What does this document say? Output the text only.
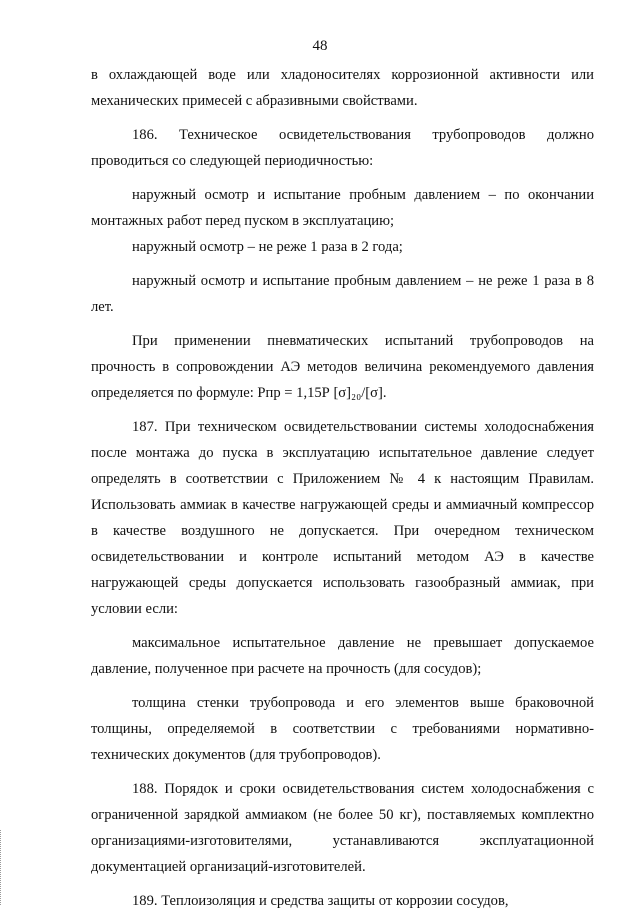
48

в охлаждающей воде или хладоносителях коррозионной активности или механических примесей с абразивными свойствами.

186. Техническое освидетельствования трубопроводов должно проводиться со следующей периодичностью:

наружный осмотр и испытание пробным давлением – по окончании монтажных работ перед пуском в эксплуатацию;

наружный осмотр – не реже 1 раза в 2 года;

наружный осмотр и испытание пробным давлением – не реже 1 раза в 8 лет.

При применении пневматических испытаний трубопроводов на прочность в сопровождении АЭ методов величина рекомендуемого давления определяется по формуле: Рпр = 1,15Р [σ]₂₀/[σ].

187. При техническом освидетельствовании системы холодоснабжения после монтажа до пуска в эксплуатацию испытательное давление следует определять в соответствии с Приложением № 4 к настоящим Правилам. Использовать аммиак в качестве нагружающей среды и аммиачный компрессор в качестве воздушного не допускается. При очередном техническом освидетельствовании и контроле испытаний методом АЭ в качестве нагружающей среды допускается использовать газообразный аммиак, при условии если:

максимальное испытательное давление не превышает допускаемое давление, полученное при расчете на прочность (для сосудов);

толщина стенки трубопровода и его элементов выше браковочной толщины, определяемой в соответствии с требованиями нормативно-технических документов (для трубопроводов).

188. Порядок и сроки освидетельствования систем холодоснабжения с ограниченной зарядкой аммиаком (не более 50 кг), поставляемых комплектно организациями-изготовителями, устанавливаются эксплуатационной документацией организаций-изготовителей.

189. Теплоизоляция и средства защиты от коррозии сосудов,
